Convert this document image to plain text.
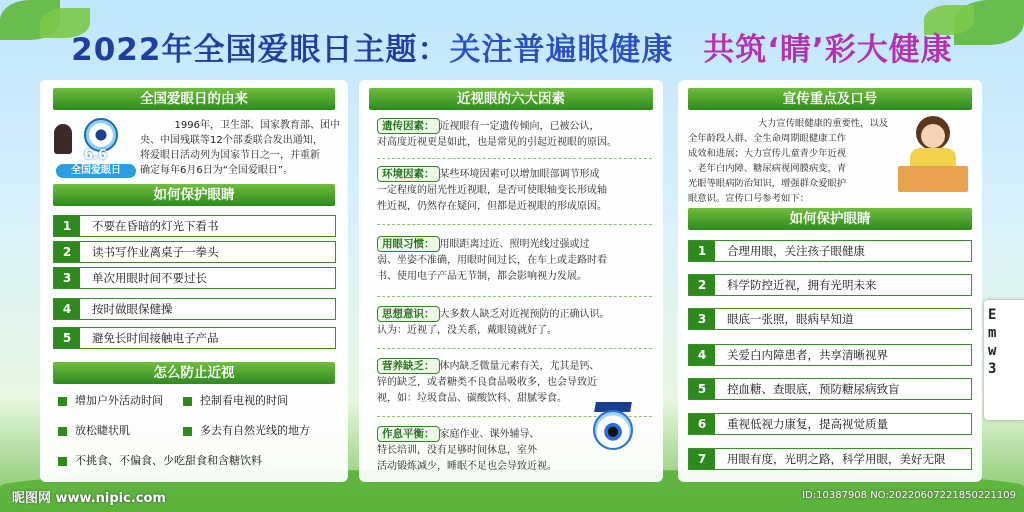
2022年全国爱眼日主题：关注普遍眼健康 共筑‘睛’彩大健康
全国爱眼日的由来
6.6
全国爱眼日
1996年，卫生部、国家教育部、团中
央、中国残联等12个部委联合发出通知，
将爱眼日活动列为国家节日之一，并重新
确定每年6月6日为“全国爱眼日”。
如何保护眼睛
1	不要在昏暗的灯光下看书
2	读书写作业离桌子一拳头
3	单次用眼时间不要过长
4	按时做眼保健操
5	避免长时间接触电子产品
怎么防止近视
增加户外活动时间	控制看电视的时间
放松睫状肌	多去有自然光线的地方
不挑食、不偏食、少吃甜食和含糖饮料
近视眼的六大因素
遗传因素： 近视眼有一定遗传倾向，已被公认，
对高度近视更是如此，也是常见的引起近视眼的原因。
环境因素： 某些环境因素可以增加眼部调节形成
一定程度的屈光性近视眼，是否可使眼轴变长形成轴
性近视，仍然存在疑问，但都是近视眼的形成原因。
用眼习惯： 用眼距离过近、照明光线过强或过
弱、坐姿不准确，用眼时间过长，在车上或走路时看
书、使用电子产品无节制，都会影响视力发展。
思想意识： 大多数人缺乏对近视预防的正确认识。
认为：近视了，没关系，戴眼镜就好了。
营养缺乏： 体内缺乏微量元素有关，尤其是钙、
锌的缺乏，或者糖类不良食品吸收多，也会导致近
视，如：垃圾食品、碳酸饮料、甜腻零食。
作息平衡： 家庭作业、课外辅导、
特长培训，没有足够时间休息，室外
活动锻炼减少，睡眠不足也会导致近视。
宣传重点及口号
大力宣传眼健康的重要性，以及
全年龄段人群、全生命周期眼健康工作
成效和进展；大力宣传儿童青少年近视
、老年白内障、糖尿病视网膜病变，青
光眼等眼病防治知识，增强群众爱眼护
眼意识。宣传口号参考如下：
如何保护眼睛
1	合理用眼，关注孩子眼健康
2	科学防控近视，拥有光明未来
3	眼底一张照，眼病早知道
4	关爱白内障患者，共享清晰视界
5	控血糖、查眼底，预防糖尿病致盲
6	重视低视力康复，提高视觉质量
7	用眼有度，光明之路，科学用眼，美好无限
E
m
w
3
昵图网 www.nipic.com	ID:10387908 NO:20220607221850221109
